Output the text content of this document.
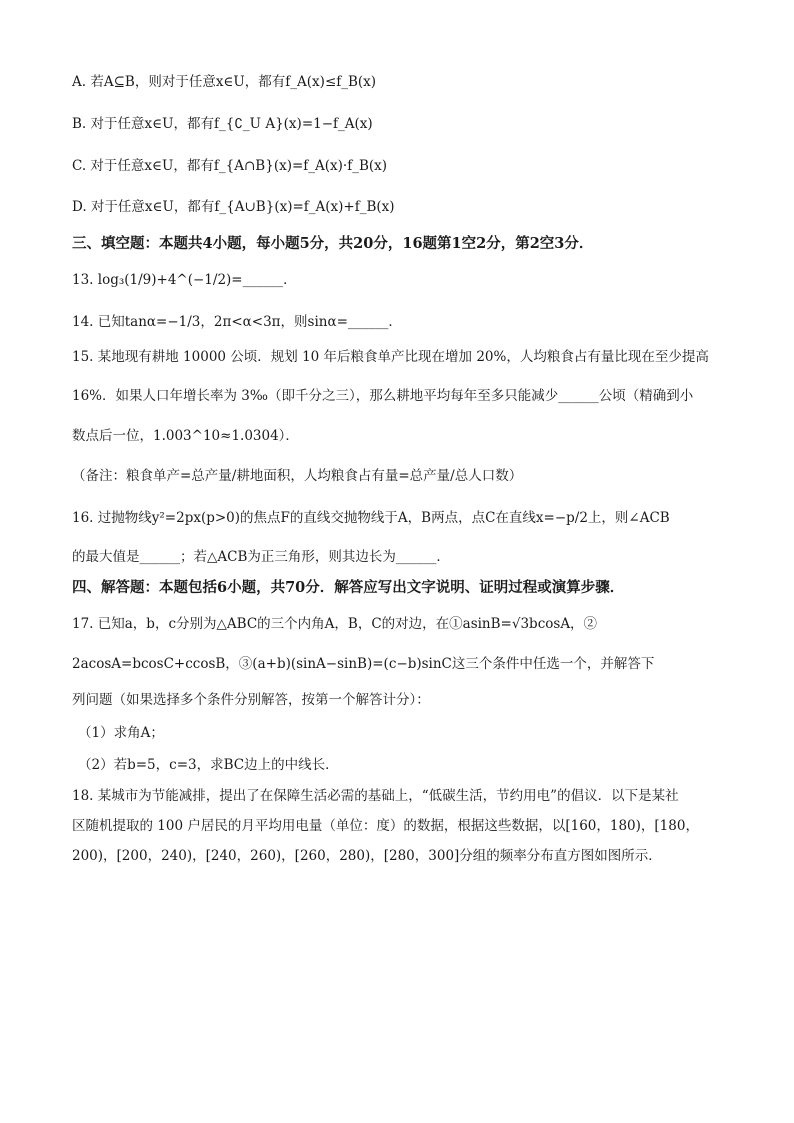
A. 若A⊆B，则对于任意x∈U，都有f_A(x)≤f_B(x)
B. 对于任意x∈U，都有f_{∁_U A}(x)=1−f_A(x)
C. 对于任意x∈U，都有f_{A∩B}(x)=f_A(x)·f_B(x)
D. 对于任意x∈U，都有f_{A∪B}(x)=f_A(x)+f_B(x)
三、填空题：本题共4小题，每小题5分，共20分，16题第1空2分，第2空3分．
13. log₃(1/9)+4^(−1/2)=______．
14. 已知tanα=−1/3，2π<α<3π，则sinα=______．
15. 某地现有耕地 10000 公顷．规划 10 年后粮食单产比现在增加 20%，人均粮食占有量比现在至少提高
16%．如果人口年增长率为 3‰（即千分之三），那么耕地平均每年至多只能减少______公顷（精确到小
数点后一位，1.003^10≈1.0304）．
（备注：粮食单产=总产量/耕地面积，人均粮食占有量=总产量/总人口数）
16. 过抛物线y²=2px(p>0)的焦点F的直线交抛物线于A，B两点，点C在直线x=−p/2上，则∠ACB
的最大值是______；若△ACB为正三角形，则其边长为______．
四、解答题：本题包括6小题，共70分．解答应写出文字说明、证明过程或演算步骤．
17. 已知a，b，c分别为△ABC的三个内角A，B，C的对边，在①asinB=√3bcosA，②
2acosA=bcosC+ccosB，③(a+b)(sinA−sinB)=(c−b)sinC这三个条件中任选一个，并解答下
列问题（如果选择多个条件分别解答，按第一个解答计分）：
（1）求角A；
（2）若b=5，c=3，求BC边上的中线长．
18. 某城市为节能减排，提出了在保障生活必需的基础上，“低碳生活，节约用电”的倡议．以下是某社
区随机提取的 100 户居民的月平均用电量（单位：度）的数据，根据这些数据，以[160，180)，[180，
200)，[200，240)，[240，260)，[260，280)，[280，300]分组的频率分布直方图如图所示．
